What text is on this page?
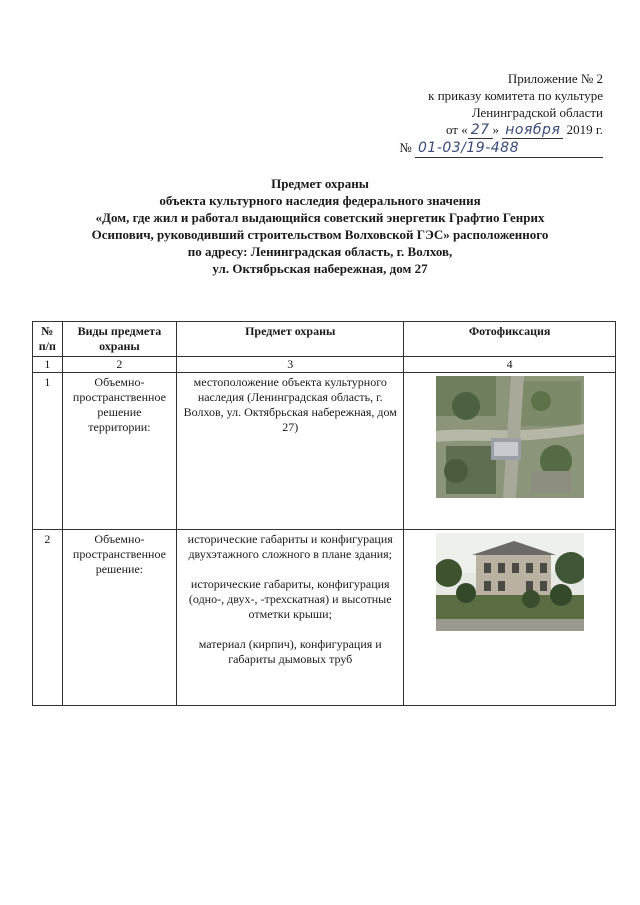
Приложение № 2
к приказу комитета по культуре
Ленинградской области
от « 27 » ноября 2019 г.
№ 01-03/19-488
Предмет охраны
объекта культурного наследия федерального значения
«Дом, где жил и работал выдающийся советский энергетик Графтио Генрих
Осипович, руководивший строительством Волховской ГЭС» расположенного
по адресу: Ленинградская область, г. Волхов,
ул. Октябрьская набережная, дом 27
№ п/п	Виды предмета охраны	Предмет охраны	Фотофиксация
1	2	3	4
1	Объемно-пространственное решение территории:	местоположение объекта культурного наследия (Ленинградская область, г. Волхов, ул. Октябрьская набережная, дом 27)

2	Объемно-пространственное решение:	исторические габариты и конфигурация двухэтажного сложного в плане здания;

исторические габариты, конфигурация (одно-, двух-, -трехскатная) и высотные отметки крыши;

материал (кирпич), конфигурация и габариты дымовых труб
